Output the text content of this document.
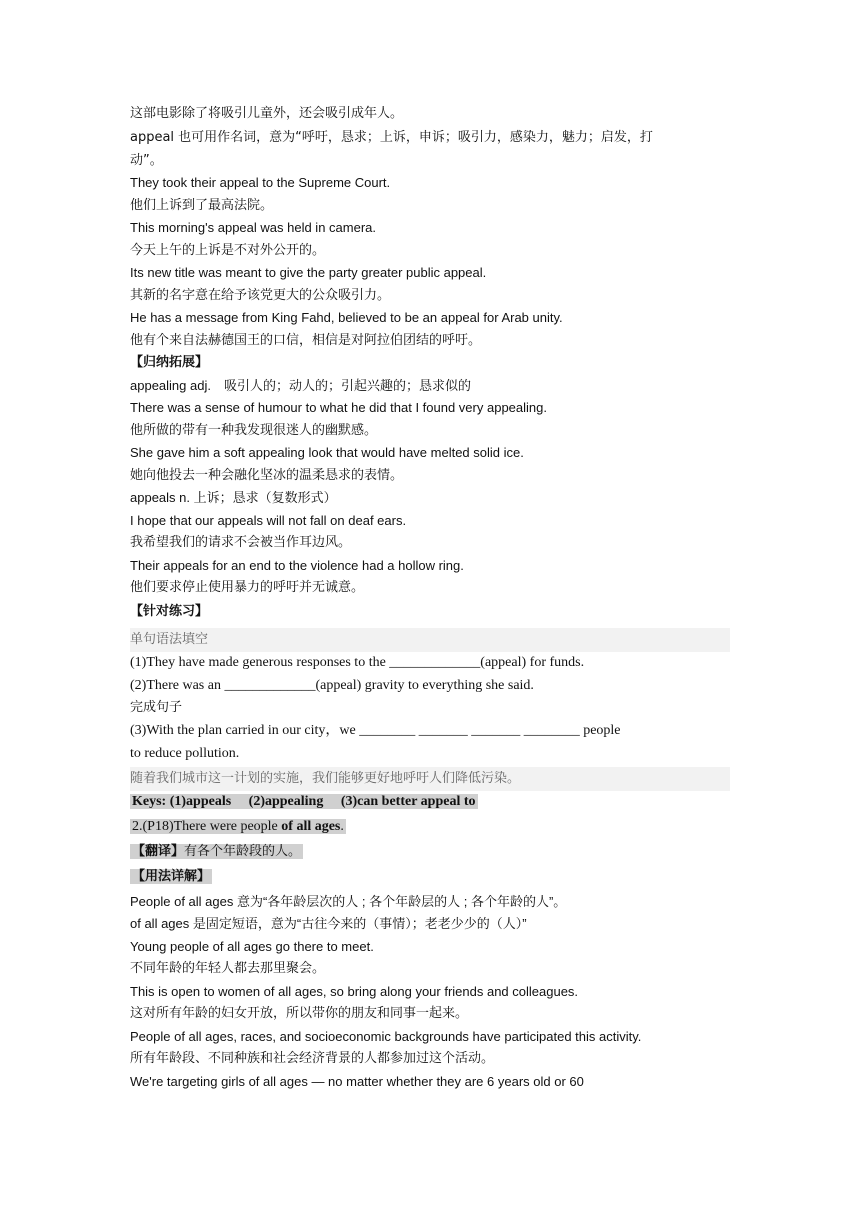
这部电影除了将吸引儿童外，还会吸引成年人。
appeal 也可用作名词，意为“呼吁，恳求；上诉，申诉；吸引力，感染力，魅力；启发，打
动”。
They took their appeal to the Supreme Court.
他们上诉到了最高法院。
This morning's appeal was held in camera.
今天上午的上诉是不对外公开的。
Its new title was meant to give the party greater public appeal.
其新的名字意在给予该党更大的公众吸引力。
He has a message from King Fahd, believed to be an appeal for Arab unity.
他有个来自法赫德国王的口信，相信是对阿拉伯团结的呼吁。
【归纳拓展】
appealing adj.　吸引人的；动人的；引起兴趣的；恳求似的
There was a sense of humour to what he did that I found very appealing.
他所做的带有一种我发现很迷人的幽默感。
She gave him a soft appealing look that would have melted solid ice.
她向他投去一种会融化坚冰的温柔恳求的表情。
appeals n. 上诉；恳求（复数形式）
I hope that our appeals will not fall on deaf ears.
我希望我们的请求不会被当作耳边风。
Their appeals for an end to the violence had a hollow ring.
他们要求停止使用暴力的呼吁并无诚意。
【针对练习】
单句语法填空
(1)They have made generous responses to the _____________(appeal) for funds.
(2)There was an _____________(appeal) gravity to everything she said.
完成句子
(3)With the plan carried in our city，we ________ _______ _______ ________ people
to reduce pollution.
随着我们城市这一计划的实施，我们能够更好地呼吁人们降低污染。
Keys: (1)appeals　 (2)appealing　 (3)can better appeal to
2.(P18)There were people of all ages.
【翻译】有各个年龄段的人。
【用法详解】
People of all ages 意为“各年龄层次的人 ; 各个年龄层的人 ; 各个年龄的人”。
of all ages 是固定短语，意为“古往今来的（事情）；老老少少的（人）”
Young people of all ages go there to meet.
不同年龄的年轻人都去那里聚会。
This is open to women of all ages, so bring along your friends and colleagues.
这对所有年龄的妇女开放，所以带你的朋友和同事一起来。
People of all ages, races, and socioeconomic backgrounds have participated this activity.
所有年龄段、不同种族和社会经济背景的人都参加过这个活动。
We're targeting girls of all ages — no matter whether they are 6 years old or 60
